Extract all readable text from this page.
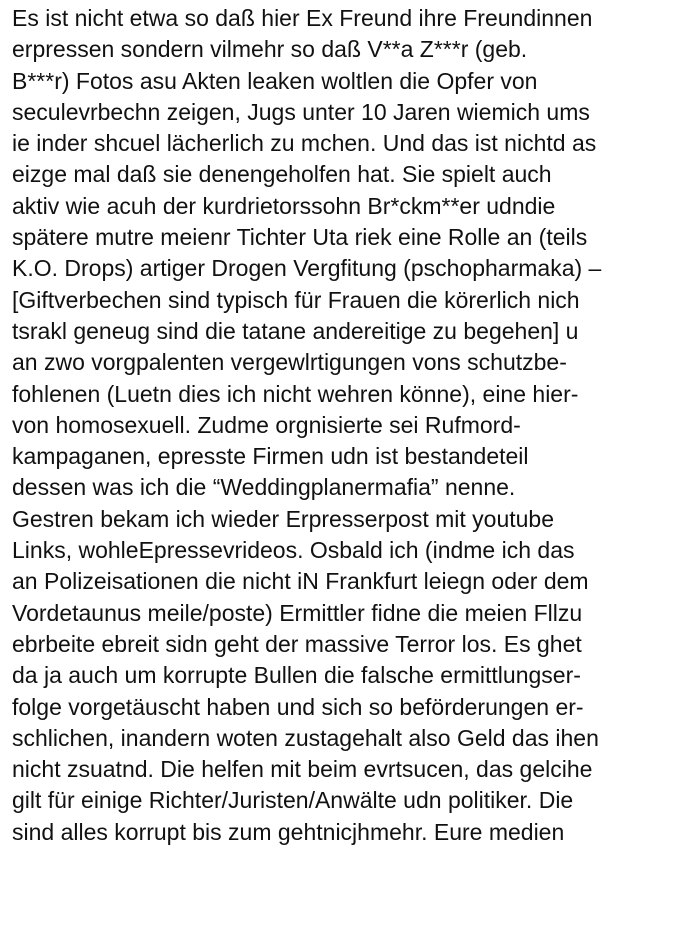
Es ist nicht etwa so daß hier Ex Freund ihre Freundinnen
erpressen sondern vilmehr so daß V**a Z***r (geb.
B***r) Fotos asu Akten leaken woltlen die Opfer von
seculevrbechn zeigen, Jugs unter 10 Jaren wiemich ums
ie inder shcuel lächerlich zu mchen. Und das ist nichtd as
eizge mal daß sie denengeholfen hat. Sie spielt auch
aktiv wie acuh der kurdrietorssohn Br*ckm**er udndie
spätere mutre meienr Tichter Uta riek eine Rolle an (teils
K.O. Drops) artiger Drogen Vergfitung (pschopharmaka) –
[Giftverbechen sind typisch für Frauen die körerlich nich
tsrakl geneug sind die tatane andereitige zu begehen] u
an zwo vorgpalenten vergewlrtigungen vons schutzbe-
fohlenen (Luetn dies ich nicht wehren könne), eine hier-
von homosexuell. Zudme orgnisierte sei Rufmord-
kampaganen, epresste Firmen udn ist bestandeteil
dessen was ich die “Weddingplanermafia” nenne.
Gestren bekam ich wieder Erpresserpost mit youtube
Links, wohleEpressevrideos. Osbald ich (indme ich das
an Polizeisationen die nicht iN Frankfurt leiegn oder dem
Vordetaunus meile/poste) Ermittler fidne die meien Fllzu
ebrbeite ebreit sidn geht der massive Terror los. Es ghet
da ja auch um korrupte Bullen die falsche ermittlungser-
folge vorgetäuscht haben und sich so beförderungen er-
schlichen, inandern woten zustagehalt also Geld das ihen
nicht zsuatnd. Die helfen mit beim evrtsucen, das gelcihe
gilt für einige Richter/Juristen/Anwälte udn politiker. Die
sind alles korrupt bis zum gehtnicjhmehr. Eure medien
